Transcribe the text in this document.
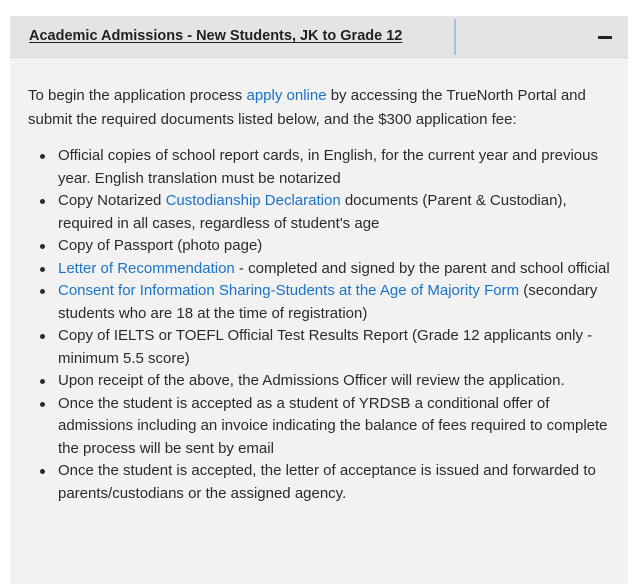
Academic Admissions - New Students, JK to Grade 12

To begin the application process apply online by accessing the TrueNorth Portal and submit the required documents listed below, and the $300 application fee:

Official copies of school report cards, in English, for the current year and previous year. English translation must be notarized
Copy Notarized Custodianship Declaration documents (Parent & Custodian), required in all cases, regardless of student's age
Copy of Passport (photo page)
Letter of Recommendation - completed and signed by the parent and school official
Consent for Information Sharing-Students at the Age of Majority Form (secondary students who are 18 at the time of registration)
Copy of IELTS or TOEFL Official Test Results Report (Grade 12 applicants only - minimum 5.5 score)
Upon receipt of the above, the Admissions Officer will review the application.
Once the student is accepted as a student of YRDSB a conditional offer of admissions including an invoice indicating the balance of fees required to complete the process will be sent by email
Once the student is accepted, the letter of acceptance is issued and forwarded to parents/custodians or the assigned agency.
